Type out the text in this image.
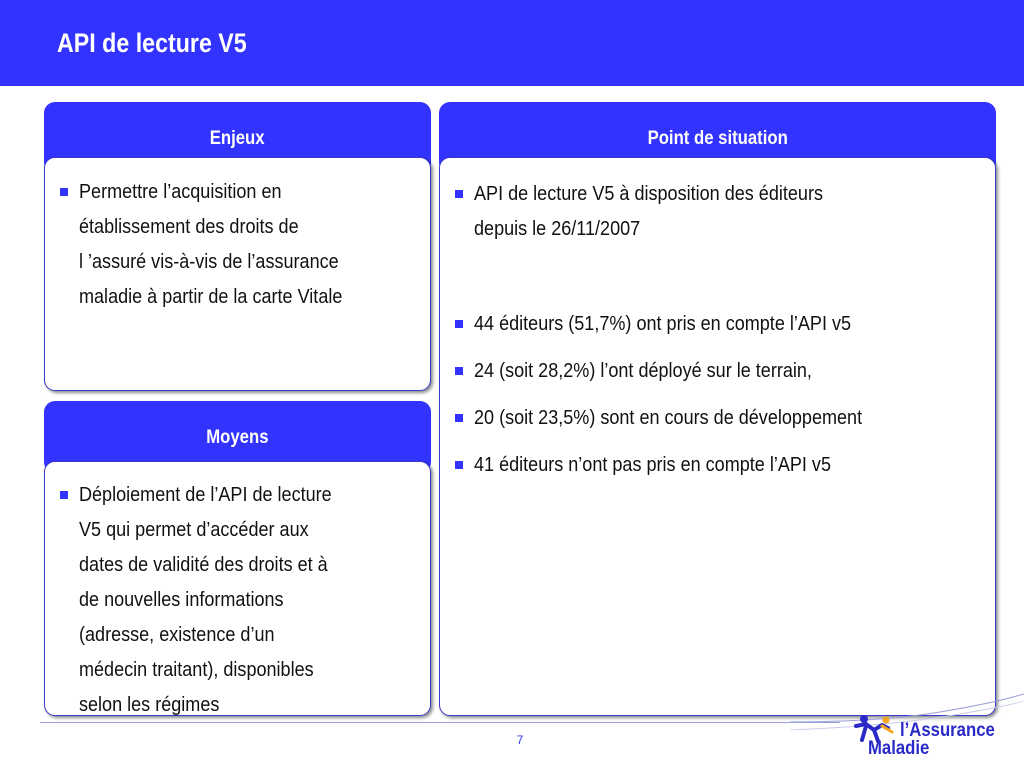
API de lecture V5
Enjeux
Permettre l’acquisition en
établissement des droits de
l ’assuré vis-à-vis de l’assurance
maladie à partir de la carte Vitale
Moyens
Déploiement de l’API de lecture
V5 qui permet d’accéder aux
dates de validité des droits et à
de nouvelles informations
(adresse, existence d’un
médecin traitant), disponibles
selon les régimes
Point de situation
API de lecture V5 à disposition des éditeurs
depuis le 26/11/2007
44 éditeurs (51,7%) ont pris en compte l’API v5
24 (soit 28,2%) l’ont déployé sur le terrain,
20 (soit 23,5%) sont en cours de développement
41 éditeurs n’ont pas pris en compte l’API v5
7	l’Assurance
Maladie
